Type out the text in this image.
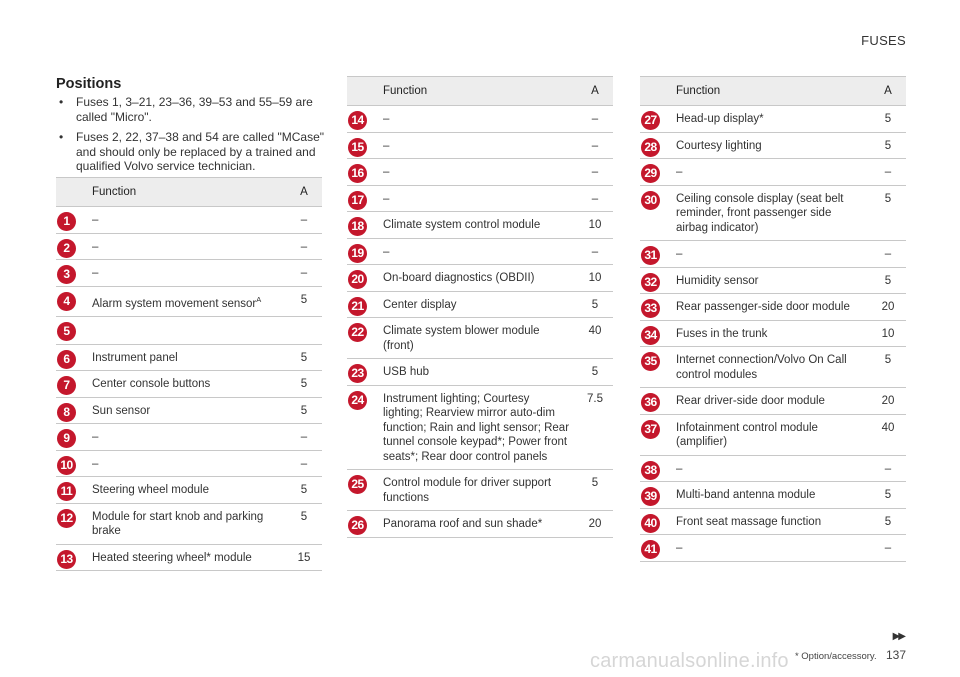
FUSES
Positions
• Fuses 1, 3–21, 23–36, 39–53 and 55–59 are called "Micro".
• Fuses 2, 22, 37–38 and 54 are called "MCase" and should only be replaced by a trained and qualified Volvo service technician.
	Function	A
1	–	–
2	–	–
3	–	–
4	Alarm system movement sensor$^A$	5
5		
6	Instrument panel	5
7	Center console buttons	5
8	Sun sensor	5
9	–	–
10	–	–
11	Steering wheel module	5
12	Module for start knob and parking brake	5
13	Heated steering wheel* module	15
	Function	A
14	–	–
15	–	–
16	–	–
17	–	–
18	Climate system control module	10
19	–	–
20	On-board diagnostics (OBDII)	10
21	Center display	5
22	Climate system blower module (front)	40
23	USB hub	5
24	Instrument lighting; Courtesy lighting; Rearview mirror auto-dim function; Rain and light sensor; Rear tunnel console keypad*; Power front seats*; Rear door control panels	7.5
25	Control module for driver support functions	5
26	Panorama roof and sun shade*	20
	Function	A
27	Head-up display*	5
28	Courtesy lighting	5
29	–	–
30	Ceiling console display (seat belt reminder, front passenger side airbag indicator)	5
31	–	–
32	Humidity sensor	5
33	Rear passenger-side door module	20
34	Fuses in the trunk	10
35	Internet connection/Volvo On Call control modules	5
36	Rear driver-side door module	20
37	Infotainment control module (amplifier)	40
38	–	–
39	Multi-band antenna module	5
40	Front seat massage function	5
41	–	–
▶▶
* Option/accessory. 137
carmanualsonline.info
